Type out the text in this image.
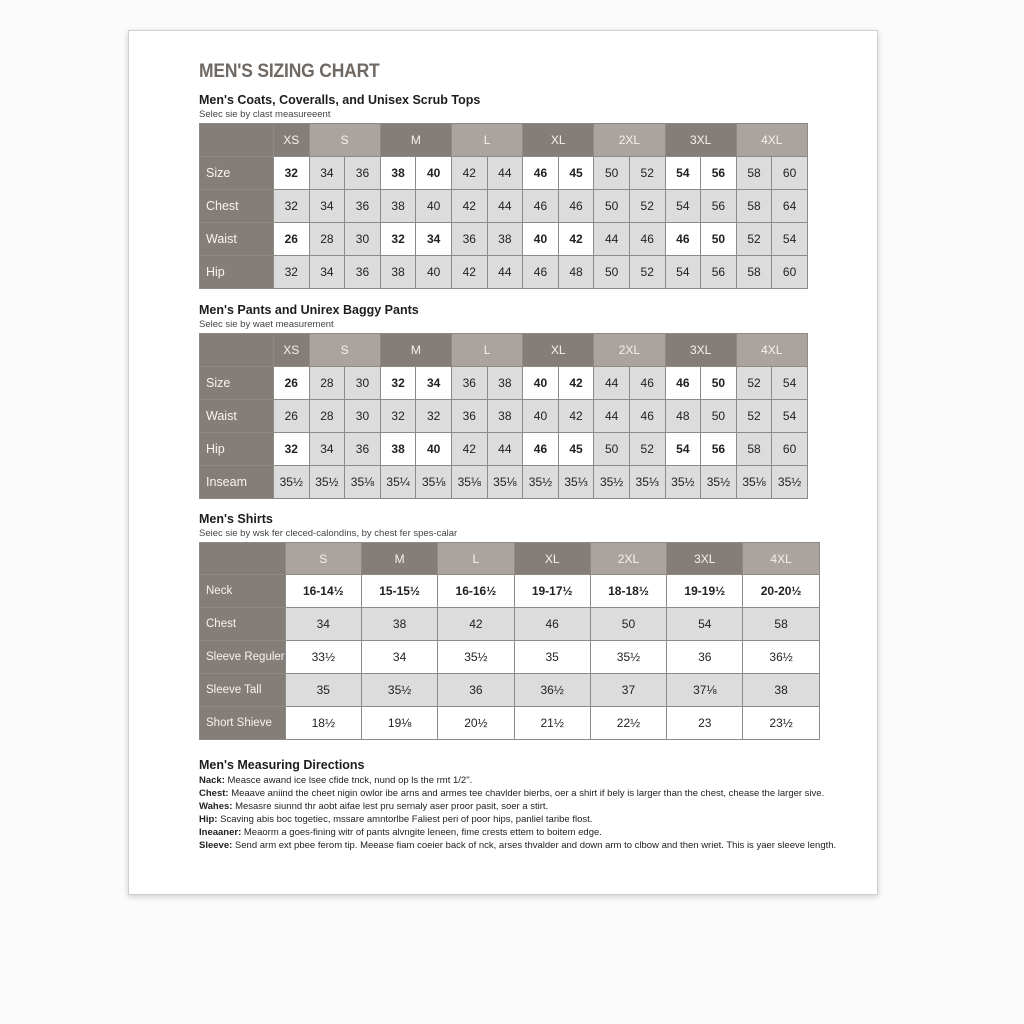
MEN'S SIZING CHART
Men's Coats, Coveralls, and Unisex Scrub Tops
Selec sie by clast measureeent
	XS	S		M		L		XL		2XL		3XL		4XL	
Size	32	34	36	38	40	42	44	46	45	50	52	54	56	58	60
Chest	32	34	36	38	40	42	44	46	46	50	52	54	56	58	64
Waist	26	28	30	32	34	36	38	40	42	44	46	46	50	52	54
Hip	32	34	36	38	40	42	44	46	48	50	52	54	56	58	60
Men's Pants and Unirex Baggy Pants
Selec sie by waet measurement
	XS	S		M		L		XL		2XL		3XL		4XL	
Size	26	28	30	32	34	36	38	40	42	44	46	46	50	52	54
Waist	26	28	30	32	32	36	38	40	42	44	46	48	50	52	54
Hip	32	34	36	38	40	42	44	46	45	50	52	54	56	58	60
Inseam	35½	35½	35⅛	35¼	35⅛	35⅛	35⅛	35½	35⅓	35½	35⅓	35½	35½	35⅛	35½
Men's Shirts
Seiec sie by wsk fer cleced-calondins, by chest fer spes-calar
	S	M	L	XL	2XL	3XL	4XL
Neck	16-14½	15-15½	16-16½	19-17½	18-18½	19-19½	20-20½
Chest	34	38	42	46	50	54	58
Sleeve Reguler	33½	34	35½	35	35½	36	36½
Sleeve Tall	35	35½	36	36½	37	37⅛	38
Short Shieve	18½	19⅛	20½	21½	22½	23	23½
Men's Measuring Directions
Nack: Measce awand ice lsee cfide tnck, nund op ls the rmt 1/2".
Chest: Meaave aniind the cheet nigin owlor ibe arns and armes tee chavlder bierbs, oer a shirt if bely is larger than the chest, chease the larger sive.
Wahes: Mesasre siunnd thr aobt aifae lest pru sernaly aser proor pasit, soer a stirt.
Hip: Scaving abis boc togetiec, mssare amntorlbe Faliest peri of poor hips, panliel taribe flost.
Ineaaner: Meaorm a goes-fining witr of pants alvngite leneen, fime crests ettem to boitem edge.
Sleeve: Send arm ext pbee ferom tip. Meease fiam coeier back of nck, arses thvalder and down arm to clbow and then wriet. This is yaer sleeve length.
